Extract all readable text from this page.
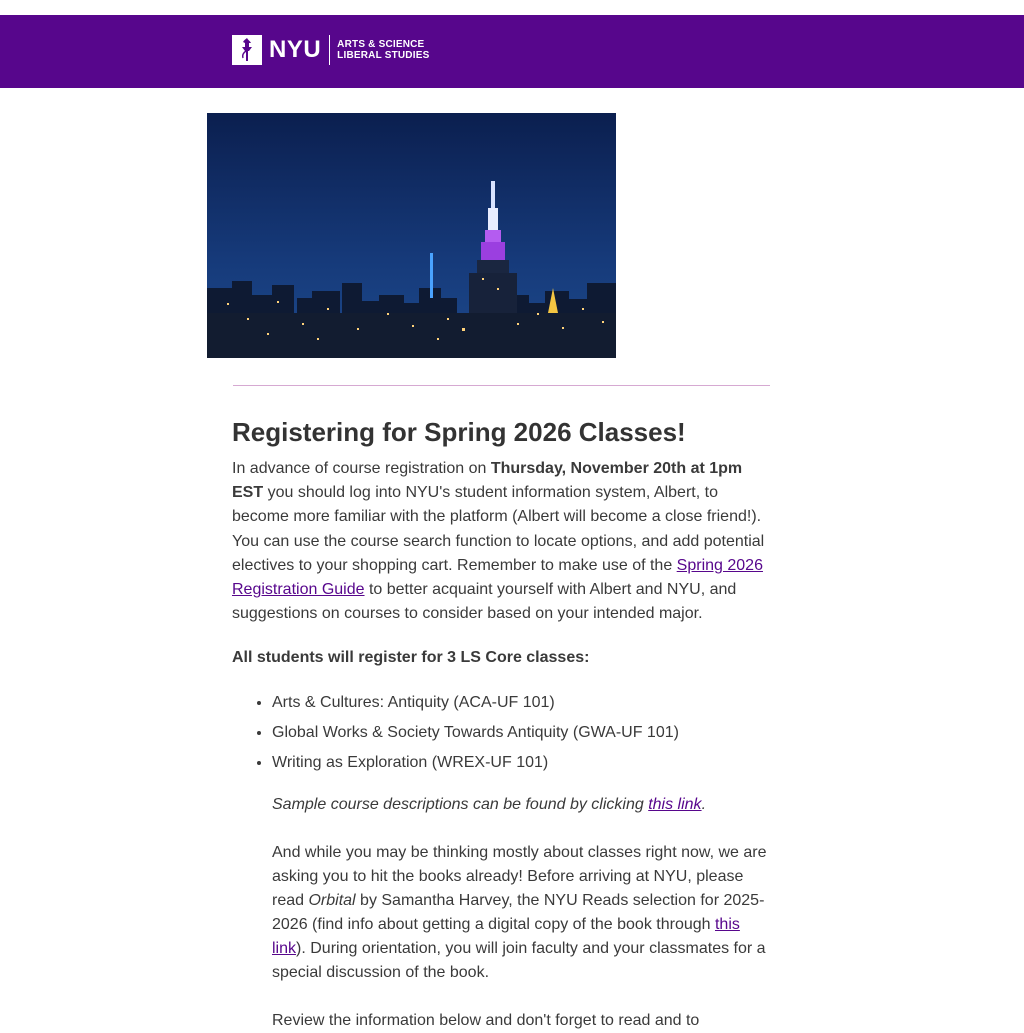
NYU ARTS & SCIENCE
LIBERAL STUDIES
Registering for Spring 2026 Classes!

In advance of course registration on Thursday, November 20th at 1pm EST you should log into NYU's student information system, Albert, to become more familiar with the platform (Albert will become a close friend!). You can use the course search function to locate options, and add potential electives to your shopping cart. Remember to make use of the Spring 2026 Registration Guide to better acquaint yourself with Albert and NYU, and suggestions on courses to consider based on your intended major.

All students will register for 3 LS Core classes:

• Arts & Cultures: Antiquity (ACA-UF 101)
• Global Works & Society Towards Antiquity (GWA-UF 101)
• Writing as Exploration (WREX-UF 101)
Sample course descriptions can be found by clicking this link.
And while you may be thinking mostly about classes right now, we are asking you to hit the books already! Before arriving at NYU, please read Orbital by Samantha Harvey, the NYU Reads selection for 2025-2026 (find info about getting a digital copy of the book through this link). During orientation, you will join faculty and your classmates for a special discussion of the book.
Review the information below and don't forget to read and to
